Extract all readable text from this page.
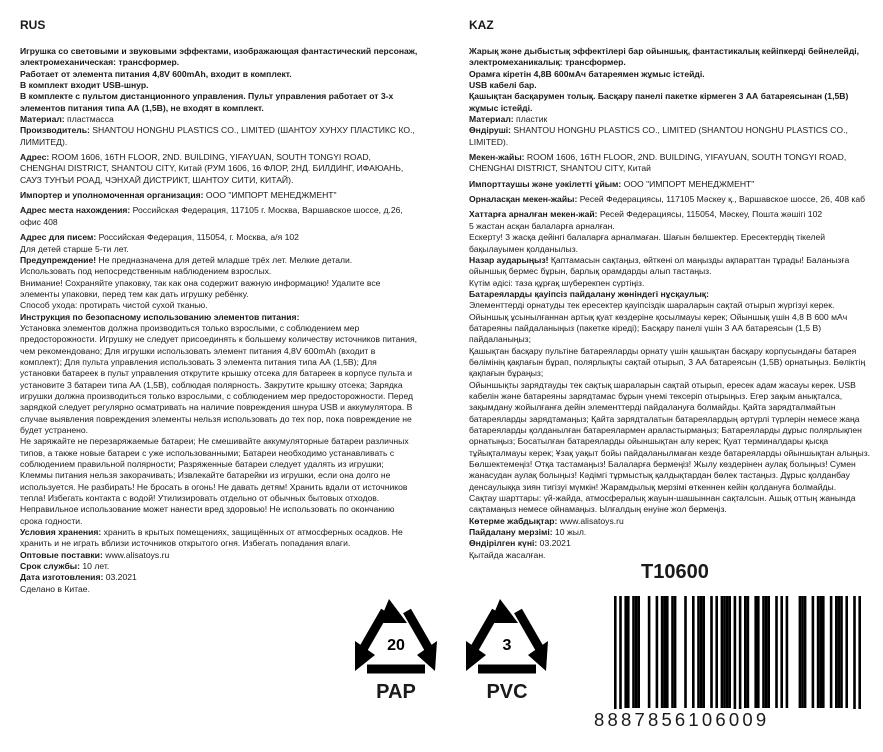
RUS

Игрушка со световыми и звуковыми эффектами, изображающая фантастический персонаж, электромеханическая: трансформер.

Работает от элемента питания 4,8V 600mAh, входит в комплект.

В комплект входит USB-шнур.

В комплекте с пультом дистанционного управления. Пульт управления работает от 3-х элементов питания типа АА (1,5В), не входят в комплект.

Материал: пластмасса

Производитель: SHANTOU HONGHU PLASTICS CO., LIMITED (ШАНТОУ ХУНХУ ПЛАСТИКС КО., ЛИМИТЕД).

Адрес: ROOM 1606, 16TH FLOOR, 2ND. BUILDING, YIFAYUAN, SOUTH TONGYI ROAD, CHENGHAI DISTRICT, SHANTOU CITY, Китай (РУМ 1606, 16 ФЛОР, 2НД. БИЛДИНГ, ИФАЮАНЬ, САУЗ ТУНЪИ РОАД, ЧЭНХАЙ ДИСТРИКТ, ШАНТОУ СИТИ, КИТАЙ).

Импортер и уполномоченная организация: ООО "ИМПОРТ МЕНЕДЖМЕНТ"

Адрес места нахождения: Российская Федерация, 117105 г. Москва, Варшавское шоссе, д.26, офис 408

Адрес для писем: Российская Федерация, 115054, г. Москва, а/я 102

Для детей старше 5-ти лет.

Предупреждение! Не предназначена для детей младше трёх лет. Мелкие детали.

Использовать под непосредственным наблюдением взрослых.

Внимание! Сохраняйте упаковку, так как она содержит важную информацию! Удалите все элементы упаковки, перед тем как дать игрушку ребёнку.

Способ ухода: протирать чистой сухой тканью.

Инструкция по безопасному использованию элементов питания:

Установка элементов должна производиться только взрослыми, с соблюдением мер предосторожности. Игрушку не следует присоединять к большему количеству источников питания, чем рекомендовано; Для игрушки использовать элемент питания 4,8V 600mAh (входит в комплект); Для пульта управления использовать 3 элемента питания типа АА (1,5В); Для установки батареек в пульт управления открутите крышку отсека для батареек в корпусе пульта и установите 3 батареи типа АА (1,5В), соблюдая полярность. Закрутите крышку отсека; Зарядка игрушки должна производиться только взрослыми, с соблюдением мер предосторожности. Перед зарядкой следует регулярно осматривать на наличие повреждения шнура USB и аккумулятора. В случае выявления повреждения элементы нельзя использовать до тех пор, пока повреждение не будет устранено.

Не заряжайте не перезаряжаемые батареи; Не смешивайте аккумуляторные батареи различных типов, а также новые батареи с уже использованными; Батареи необходимо устанавливать с соблюдением правильной полярности; Разряженные батареи следует удалять из игрушки; Клеммы питания нельзя закорачивать; Извлекайте батарейки из игрушки, если она долго не используется. Не разбирать! Не бросать в огонь! Не давать детям! Хранить вдали от источников тепла! Избегать контакта с водой! Утилизировать отдельно от обычных бытовых отходов. Неправильное использование может нанести вред здоровью! Не использовать по окончанию срока годности.

Условия хранения: хранить в крытых помещениях, защищённых от атмосферных осадков. Не хранить и не играть вблизи источников открытого огня. Избегать попадания влаги.

Оптовые поставки: www.alisatoys.ru

Срок службы: 10 лет.

Дата изготовления: 03.2021

Сделано в Китае.

KAZ

Жарық және дыбыстық эффектілері бар ойыншық, фантастикалық кейіпкерді бейнелейді, электромеханикалық: трансформер.

Орамға кіретін 4,8В 600мАч батареямен жұмыс істейді.

USB кабелі бар.

Қашықтан басқарумен толық. Басқару панелі пакетке кірмеген 3 АА батареясынан (1,5В) жұмыс істейді.

Материал: пластик

Өндіруші: SHANTOU HONGHU PLASTICS CO., LIMITED (SHANTOU HONGHU PLASTICS CO., LIMITED).

Мекен-жайы: ROOM 1606, 16TH FLOOR, 2ND. BUILDING, YIFAYUAN, SOUTH TONGYI ROAD, CHENGHAI DISTRICT, SHANTOU CITY, Китай

Импорттаушы және уәкілетті ұйым: ООО "ИМПОРТ МЕНЕДЖМЕНТ"

Орналасқан мекен-жайы: Ресей Федерациясы, 117105 Мәскеу қ., Варшавское шоссе, 26, 408 каб

Хаттарға арналған мекен-жай: Ресей Федерациясы, 115054, Мәскеу, Пошта жәшігі 102

5 жастан асқан балаларға арналған.

Ескерту! 3 жасқа дейінгі балаларға арналмаған. Шағын бөлшектер. Ересектердің тікелей бақылауымен қолданылыз.

Назар аударыңыз! Қаптамасын сақтаңыз, өйткені ол маңызды ақпараттан тұрады! Баланызға ойыншық бермес бұрын, барлық орамдарды алып тастаңыз.

Күтім әдісі: таза құрғақ шүберекпен сүртіңіз.

Батареяларды қауіпсіз пайдалану жөніндегі нұсқаулық:

Элементтерді орнатуды тек ересектер қауіпсіздік шараларын сақтай отырып жүргізуі керек. Ойыншық ұсынылғаннан артық қуат көздеріне қосылмауы керек; Ойыншық үшін 4,8 В 600 мАч батареяны пайдаланыңыз (пакетке кіреді); Басқару панелі үшін 3 АА батареясын (1,5 В) пайдаланыңыз;

Қашықтан басқару пультіне батареяларды орнату үшін қашықтан басқару корпусындағы батарея бөлімінің қақпағын бұрап, полярлықты сақтай отырып, 3 АА батареясын (1,5В) орнатыңыз. Бөліктің қақпағын бұраңыз;

Ойыншықты зарядтауды тек сақтық шараларын сақтай отырып, ересек адам жасауы керек. USB кабелін және батареяны зарядтамас бұрын үнемі тексеріп отырыңыз. Егер зақым анықталса, зақымдану жойылғанға дейін элементтерді пайдалануға болмайды. Қайта зарядталмайтын батареяларды зарядтамаңыз; Қайта зарядталатын батареялардың әртүрлі түрлерін немесе жаңа батареяларды қолданылған батареялармен араластырмаңыз; Батареяларды дұрыс полярлықпен орнатыңыз; Босатылған батареяларды ойыншықтан алу керек; Қуат терминалдары қысқа тұйықталмауы керек; Ұзақ уақыт бойы пайдаланылмаған кезде батареяларды ойыншықтан алыңыз. Бөлшектемеңіз! Отқа тастамаңыз! Балаларға бермеңіз! Жылу көздерінен аулақ болыңыз! Сумен жанасудан аулақ болыңыз! Кәдімгі тұрмыстық қалдықтардан бөлек тастаңыз. Дұрыс қолданбау денсаулыққа зиян тигізуі мүмкін! Жарамдылық мерзімі өткеннен кейін қолдануға болмайды.

Сақтау шарттары: үй-жайда, атмосфералық жауын-шашыннан сақталсын. Ашық оттың жанында сақтамаңыз немесе ойнамаңыз. Ылғалдың енуіне жол бермеңіз.

Көтерме жабдықтар: www.alisatoys.ru

Пайдалану мерзімі: 10 жыл.

Өндірілген күні: 03.2021

Қытайда жасалған.

T10600
20
PAP
3
PVC
8887856106009
